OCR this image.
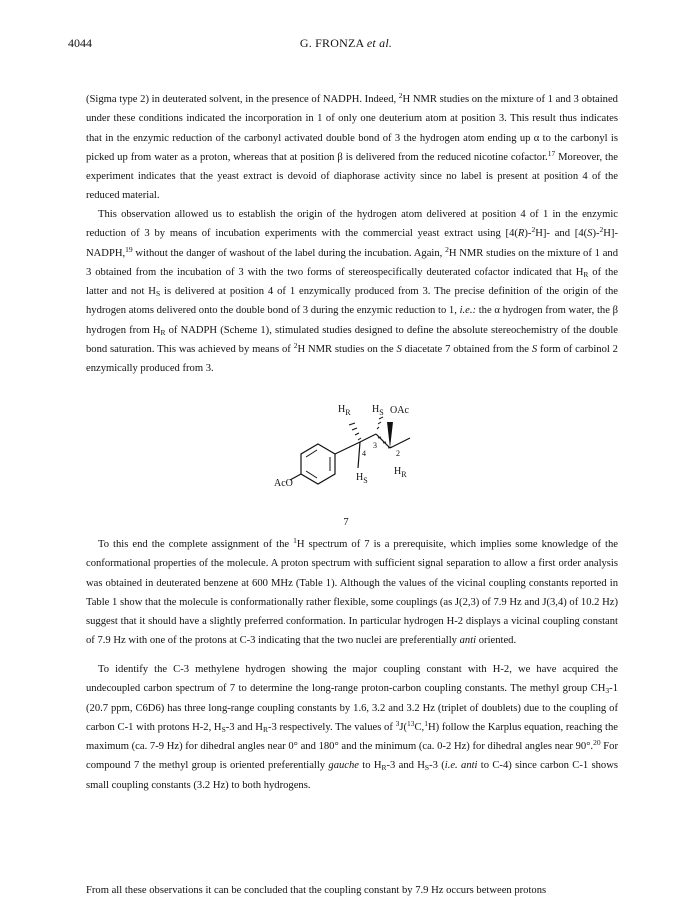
4044	G. FRONZA et al.

(Sigma type 2) in deuterated solvent, in the presence of NADPH. Indeed, $^2$H NMR studies on the mixture of 1 and 3 obtained under these conditions indicated the incorporation in 1 of only one deuterium atom at position 3. This result thus indicates that in the enzymic reduction of the carbonyl activated double bond of 3 the hydrogen atom ending up α to the carbonyl is picked up from water as a proton, whereas that at position β is delivered from the reduced nicotine cofactor.$^{17}$ Moreover, the experiment indicates that the yeast extract is devoid of diaphorase activity since no label is present at position 4 of the reduced material.

This observation allowed us to establish the origin of the hydrogen atom delivered at position 4 of 1 in the enzymic reduction of 3 by means of incubation experiments with the commercial yeast extract using [4(R)-$^2$H]- and [4(S)-$^2$H]-NADPH,$^{19}$ without the danger of washout of the label during the incubation. Again, $^2$H NMR studies on the mixture of 1 and 3 obtained from the incubation of 3 with the two forms of stereospecifically deuterated cofactor indicated that $H_R$ of the latter and not $H_S$ is delivered at position 4 of 1 enzymically produced from 3. The precise definition of the origin of the hydrogen atoms delivered onto the double bond of 3 during the enzymic reduction to 1, i.e.: the α hydrogen from water, the β hydrogen from $H_R$ of NADPH (Scheme 1), stimulated studies designed to define the absolute stereochemistry of the double bond saturation. This was achieved by means of $^2$H NMR studies on the S diacetate 7 obtained from the S form of carbinol 2 enzymically produced from 3.

$H_R$ $H_S$ OAc
4
3
2
$H_S$
$H_R$
AcO
7

To this end the complete assignment of the $^1$H spectrum of 7 is a prerequisite, which implies some knowledge of the conformational properties of the molecule. A proton spectrum with sufficient signal separation to allow a first order analysis was obtained in deuterated benzene at 600 MHz (Table 1). Although the values of the vicinal coupling constants reported in Table 1 show that the molecule is conformationally rather flexible, some couplings (as J(2,3) of 7.9 Hz and J(3,4) of 10.2 Hz) suggest that it should have a slightly preferred conformation. In particular hydrogen H-2 displays a vicinal coupling constant of 7.9 Hz with one of the protons at C-3 indicating that the two nuclei are preferentially anti oriented.

To identify the C-3 methylene hydrogen showing the major coupling constant with H-2, we have acquired the undecoupled carbon spectrum of 7 to determine the long-range proton-carbon coupling constants. The methyl group $CH_3-1$ (20.7 ppm, C6D6) has three long-range coupling constants by 1.6, 3.2 and 3.2 Hz (triplet of doublets) due to the coupling of carbon C-1 with protons H-2, $H_S-3$ and $H_R-3$ respectively. The values of $^3$J($^{13}$C,$^1$H) follow the Karplus equation, reaching the maximum (ca. 7-9 Hz) for dihedral angles near 0° and 180° and the minimum (ca. 0-2 Hz) for dihedral angles near 90°.$^{20}$ For compound 7 the methyl group is oriented preferentially gauche to $H_R-3$ and $H_S-3$ (i.e. anti to C-4) since carbon C-1 shows small coupling constants (3.2 Hz) to both hydrogens.

From all these observations it can be concluded that the coupling constant by 7.9 Hz occurs between protons
